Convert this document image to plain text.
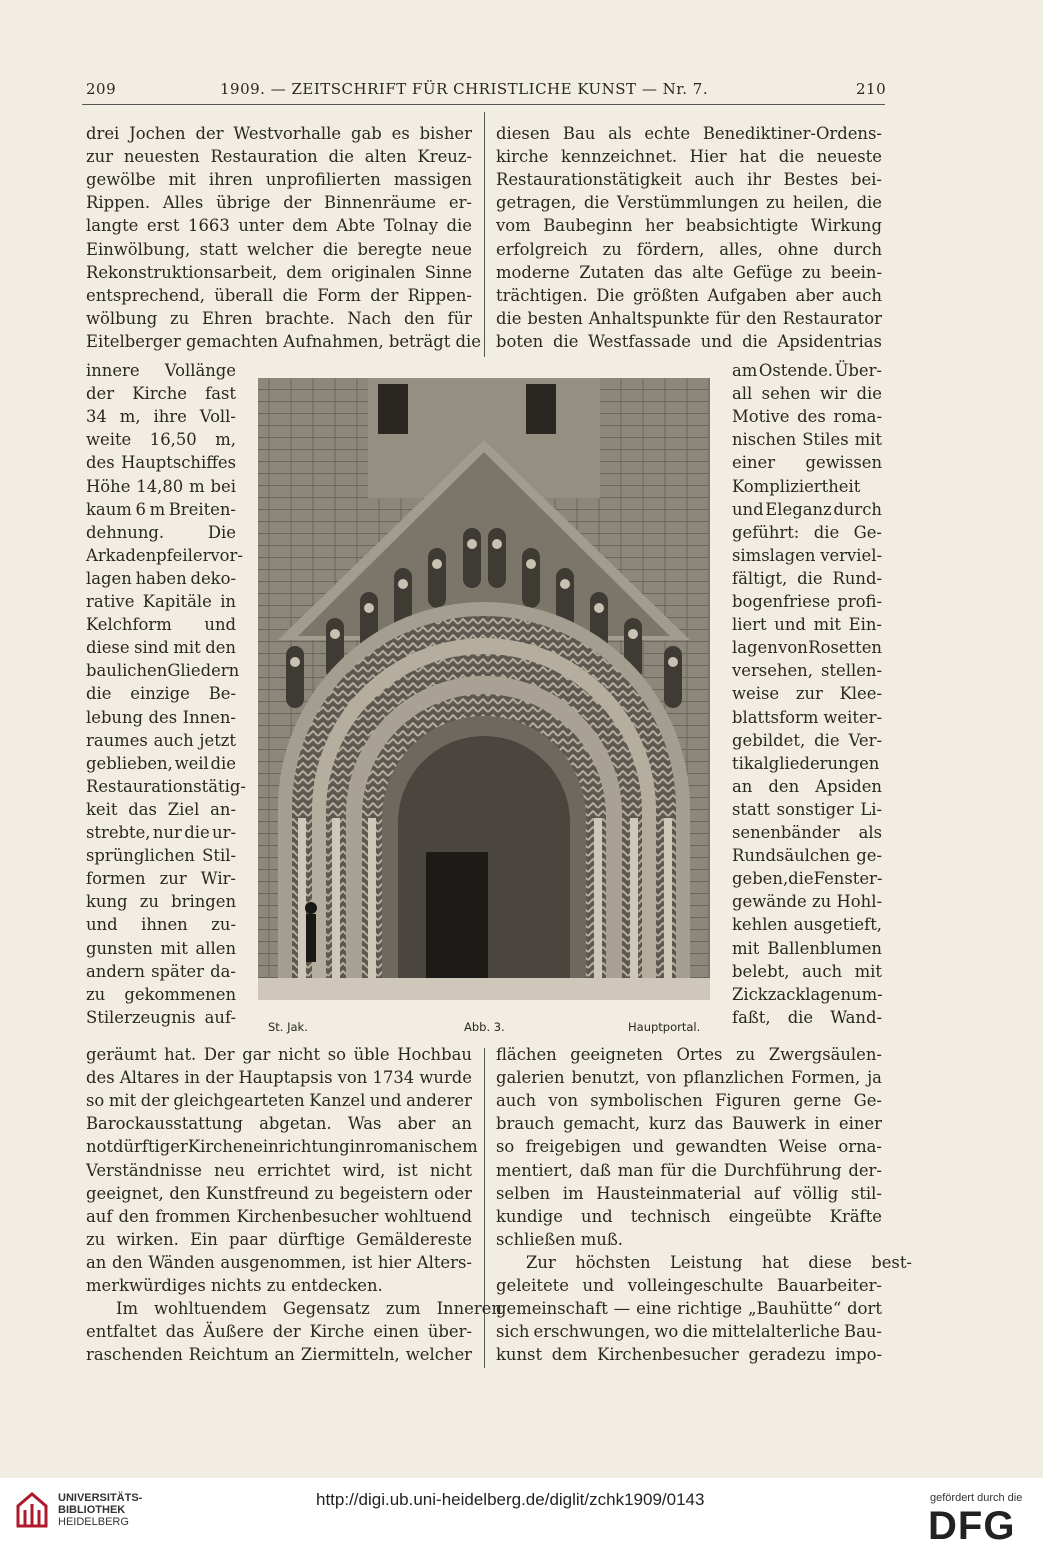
209	1909. — ZEITSCHRIFT FÜR CHRISTLICHE KUNST — Nr. 7.	210
drei Jochen der Westvorhalle gab es bisher
zur neuesten Restauration die alten Kreuz-
gewölbe mit ihren unprofilierten massigen
Rippen. Alles übrige der Binnenräume er-
langte erst 1663 unter dem Abte Tolnay die
Einwölbung, statt welcher die beregte neue
Rekonstruktionsarbeit, dem originalen Sinne
entsprechend, überall die Form der Rippen-
wölbung zu Ehren brachte. Nach den für
Eitelberger gemachten Aufnahmen, beträgt die
innere Vollänge
der Kirche fast
34 m, ihre Voll-
weite 16,50 m,
des Hauptschiffes
Höhe 14,80 m bei
kaum 6 m Breiten-
dehnung.	Die
Arkadenpfeilervor-
lagen haben deko-
rative Kapitäle in
Kelchform und
diese sind mit den
baulichen Gliedern
die einzige Be-
lebung des Innen-
raumes auch jetzt
geblieben, weil die
Restaurationstätig-
keit das Ziel an-
strebte, nur die ur-
sprünglichen Stil-
formen zur Wir-
kung zu bringen
und ihnen zu-
gunsten mit allen
andern später da-
zu gekommenen
Stilerzeugnis auf-
geräumt hat. Der gar nicht so üble Hochbau
des Altares in der Hauptapsis von 1734 wurde
so mit der gleichgearteten Kanzel und anderer
Barockausstattung abgetan. Was aber an
notdürftiger Kircheneinrichtung in romanischem
Verständnisse neu errichtet wird, ist nicht
geeignet, den Kunstfreund zu begeistern oder
auf den frommen Kirchenbesucher wohltuend
zu wirken. Ein paar dürftige Gemäldereste
an den Wänden ausgenommen, ist hier Alters-
merkwürdiges nichts zu entdecken.
Im wohltuendem Gegensatz zum Inneren
entfaltet das Äußere der Kirche einen über-
raschenden Reichtum an Ziermitteln, welcher
diesen Bau als echte Benediktiner-Ordens-
kirche kennzeichnet. Hier hat die neueste
Restaurationstätigkeit auch ihr Bestes bei-
getragen, die Verstümmlungen zu heilen, die
vom Baubeginn her beabsichtigte Wirkung
erfolgreich zu fördern, alles, ohne durch
moderne Zutaten das alte Gefüge zu beein-
trächtigen. Die größten Aufgaben aber auch
die besten Anhaltspunkte für den Restaurator
boten die Westfassade und die Apsidentrias
am Ostende. Über-
all sehen wir die
Motive des roma-
nischen Stiles mit
einer gewissen
Kompliziertheit
und Eleganz durch
geführt: die Ge-
simslagen verviel-
fältigt, die Rund-
bogenfriese profi-
liert und mit Ein-
lagen von Rosetten
versehen, stellen-
weise zur Klee-
blattsform weiter-
gebildet, die Ver-
tikalgliederungen
an den Apsiden
statt sonstiger Li-
senenbänder als
Rundsäulchen ge-
geben, die Fenster-
gewände zu Hohl-
kehlen ausgetieft,
mit Ballenblumen
belebt, auch mit
Zickzacklagen um-
faßt, die Wand-
flächen geeigneten Ortes zu Zwergsäulen-
galerien benutzt, von pflanzlichen Formen, ja
auch von symbolischen Figuren gerne Ge-
brauch gemacht, kurz das Bauwerk in einer
so freigebigen und gewandten Weise orna-
mentiert, daß man für die Durchführung der-
selben im Hausteinmaterial auf völlig stil-
kundige und technisch eingeübte Kräfte
schließen muß.
Zur höchsten Leistung hat diese best-
geleitete und volleingeschulte Bauarbeiter-
gemeinschaft — eine richtige „Bauhütte“ dort
sich erschwungen, wo die mittelalterliche Bau-
kunst dem Kirchenbesucher geradezu impo-
St. Jak.	Abb. 3.	Hauptportal.
UNIVERSITÄTS-
BIBLIOTHEK
HEIDELBERG
http://digi.ub.uni-heidelberg.de/diglit/zchk1909/0143	gefördert durch die
DFG
